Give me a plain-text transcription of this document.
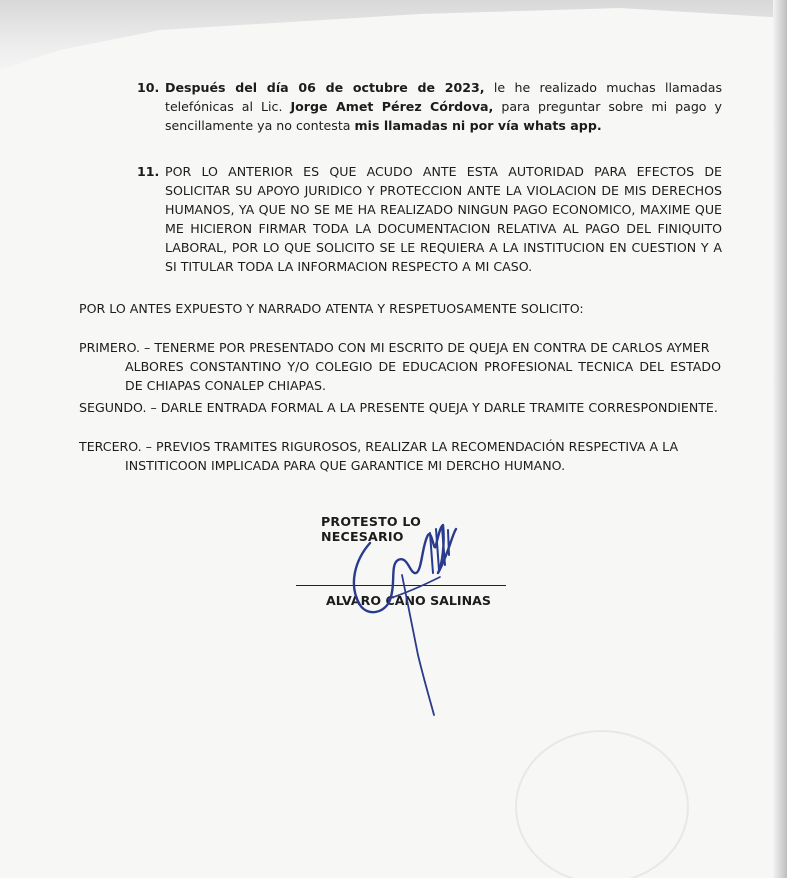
10. Después del día 06 de octubre de 2023, le he realizado muchas llamadas telefónicas al Lic. Jorge Amet Pérez Córdova, para preguntar sobre mi pago y sencillamente ya no contesta mis llamadas ni por vía whats app.
11. POR LO ANTERIOR ES QUE ACUDO ANTE ESTA AUTORIDAD PARA EFECTOS DE SOLICITAR SU APOYO JURIDICO Y PROTECCION ANTE LA VIOLACION DE MIS DERECHOS HUMANOS, YA QUE NO SE ME HA REALIZADO NINGUN PAGO ECONOMICO, MAXIME QUE ME HICIERON FIRMAR TODA LA DOCUMENTACION RELATIVA AL PAGO DEL FINIQUITO LABORAL, POR LO QUE SOLICITO SE LE REQUIERA A LA INSTITUCION EN CUESTION Y A SI TITULAR TODA LA INFORMACION RESPECTO A MI CASO.
POR LO ANTES EXPUESTO Y NARRADO ATENTA Y RESPETUOSAMENTE SOLICITO:
PRIMERO. – TENERME POR PRESENTADO CON MI ESCRITO DE QUEJA EN CONTRA DE CARLOS AYMER
ALBORES CONSTANTINO Y/O COLEGIO DE EDUCACION PROFESIONAL TECNICA DEL ESTADO DE CHIAPAS CONALEP CHIAPAS.
SEGUNDO. – DARLE ENTRADA FORMAL A LA PRESENTE QUEJA Y DARLE TRAMITE CORRESPONDIENTE.
TERCERO. – PREVIOS TRAMITES RIGUROSOS, REALIZAR LA RECOMENDACIÓN RESPECTIVA A LA
INSTITICOON IMPLICADA PARA QUE GARANTICE MI DERCHO HUMANO.
PROTESTO LO NECESARIO
ALVARO CANO SALINAS
